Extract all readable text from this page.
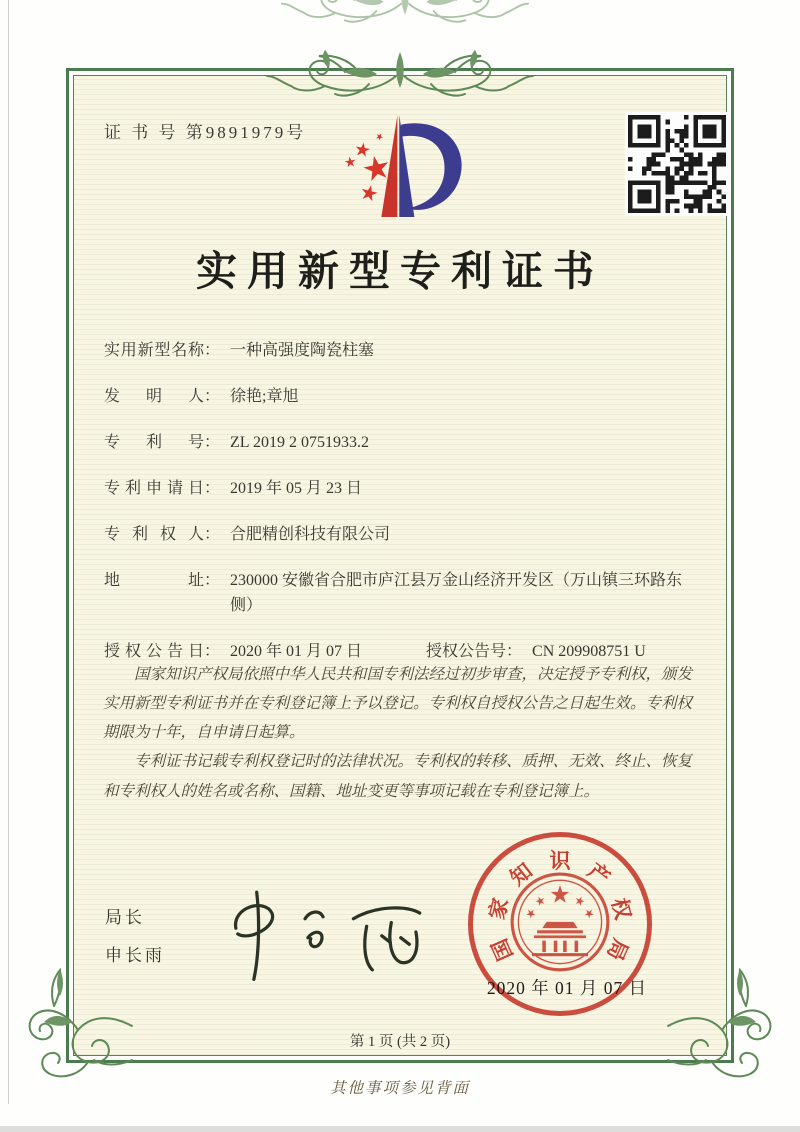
证 书 号 第9891979号
实用新型专利证书
实用新型名称 ： 一种高强度陶瓷柱塞
发明人 ： 徐艳;章旭
专利号 ： ZL 2019 2 0751933.2
专利申请日 ： 2019 年 05 月 23 日
专利权人 ： 合肥精创科技有限公司
地址 ： 230000 安徽省合肥市庐江县万金山经济开发区（万山镇三环路东侧）
授权公告日 ： 2020 年 01 月 07 日	授权公告号 ： CN 209908751 U

国家知识产权局依照中华人民共和国专利法经过初步审查，决定授予专利权，颁发实用新型专利证书并在专利登记簿上予以登记。专利权自授权公告之日起生效。专利权期限为十年，自申请日起算。

专利证书记载专利权登记时的法律状况。专利权的转移、质押、无效、终止、恢复和专利权人的姓名或名称、国籍、地址变更等事项记载在专利登记簿上。

局长
申长雨	国
家
知 识 产
权
局
2020 年 01 月 07 日
第 1 页 (共 2 页)
其他事项参见背面
